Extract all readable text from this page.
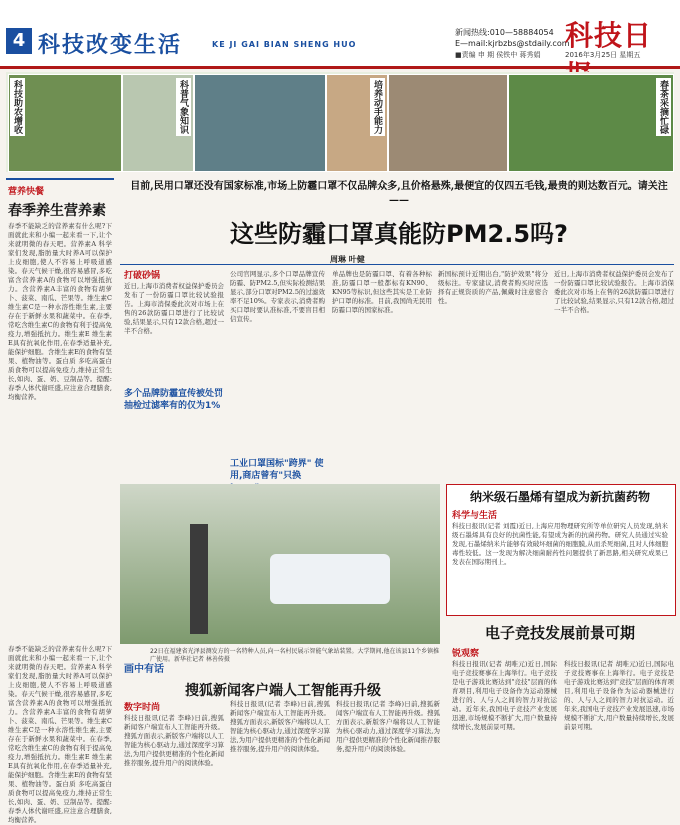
4 科技改变生活	KE JI GAI BIAN SHENG HUO
新闻热线:010—58884054
E—mail:kjrbzbs@stdaily.com
科技日
■责编 申 期 侯铁中 蒋秀娟	2016年3月25日 星期五
科技助农增收	科普气象知识	培养动手能力	春茶采摘忙碌
营养快餐
春季养生营养素
春季不能缺乏的营养素有什么呢?下面就此来和小编一起来看一下,让个来就明微的春天吧。营养素A 科学家们发现,脂肪量大时养A可以保护上皮细胞,使人不容易上呼吸道感染。春天气候干燥,很容易感冒,多吃富含营养素A的食物可以增强抵抗力。含营养素A丰富的食物有胡萝卜、菠菜、南瓜、芒果等。维生素C 维生素C是一种水溶性维生素,主要存在于新鲜水果和蔬菜中。在春季,常吃含维生素C的食物有利于提高免疫力,增强抵抗力。维生素E 维生素E具有抗氧化作用,在春季适量补充,能保护细胞。含维生素E的食物有坚果、植物油等。蛋白质 多吃高蛋白质食物可以提高免疫力,维持正常生长,如肉、蛋、奶、豆制品等。提醒:春季人体代谢旺盛,应注意合理膳食,均衡营养。
目前,民用口罩还没有国家标准,市场上防霾口罩不仅品牌众多,且价格悬殊,最便宜的仅四五毛钱,最贵的则达数百元。请关注——
这些防霾口罩真能防PM2.5吗?
周琳 叶健
打破砂锅
近日,上海市消费者权益保护委员会发布了一份防霾口罩比较试验报告。上海市消保委此次对市场上在售的26款防霾口罩进行了比较试验,结果显示,只有12款合格,超过一半不合格。
多个品牌防霾宣传被处罚 抽检过滤率有的仅为1%
公司官网显示,多个口罩品牌宣传防霾、防PM2.5,但实际检测结果显示,部分口罩对PM2.5的过滤效率不足10%。专家表示,消费者购买口罩时要认准标准,不要盲目相信宣传。
工业口罩国标"跨界" 使用,商店曾有"只换
单品牌也是防霾口罩、有着各种标准,防霾口罩一般都标有KN90、KN95等标识,但这些其实是工业防护口罩的标准。目前,我国尚无民用防霾口罩的国家标准。
新国标预计近期出台,"防护效果"将分级标注。专家建议,消费者购买时应选择有正规资质的产品,佩戴时注意密合性。
近日,上海市消费者权益保护委员会发布了一份防霾口罩比较试验报告。上海市消保委此次对市场上在售的26款防霾口罩进行了比较试验,结果显示,只有12款合格,超过一半不合格。
22日在福建省光泽县测发方的一名特种人员,向一名村民展示智能气象站装置。大学期间,他在该县11个乡镇推广使用。新华社记者 林善传摄
画中有话
纳米级石墨烯有望成为新抗菌药物
科学与生活
科技日报讯(记者 刘霞)近日,上海应用物理研究所等单位研究人员发现,纳米级石墨烯具有良好的抗菌性能,有望成为新的抗菌药物。研究人员通过实验发现,石墨烯纳米片能够有效破坏细菌的细胞膜,从而杀死细菌,且对人体细胞毒性较低。这一发现为解决细菌耐药性问题提供了新思路,相关研究成果已发表在国际期刊上。
电子竞技发展前景可期
锐观察
科技日报讯(记者 胡唯元)近日,国际电子竞技赛事在上海举行。电子竞技是电子游戏比赛达到"竞技"层面的体育项目,利用电子设备作为运动器械进行的、人与人之间的智力对抗运动。近年来,我国电子竞技产业发展迅速,市场规模不断扩大,用户数量持续增长,发展前景可期。
科技日报讯(记者 胡唯元)近日,国际电子竞技赛事在上海举行。电子竞技是电子游戏比赛达到"竞技"层面的体育项目,利用电子设备作为运动器械进行的、人与人之间的智力对抗运动。近年来,我国电子竞技产业发展迅速,市场规模不断扩大,用户数量持续增长,发展前景可期。
搜狐新闻客户端人工智能再升级
数字时尚
科技日报讯(记者 李峰)日前,搜狐新闻客户端宣布人工智能再升级。搜狐方面表示,新版客户端将以人工智能为核心驱动力,通过深度学习算法,为用户提供更精准的个性化新闻推荐服务,提升用户的阅读体验。
科技日报讯(记者 李峰)日前,搜狐新闻客户端宣布人工智能再升级。搜狐方面表示,新版客户端将以人工智能为核心驱动力,通过深度学习算法,为用户提供更精准的个性化新闻推荐服务,提升用户的阅读体验。
科技日报讯(记者 李峰)日前,搜狐新闻客户端宣布人工智能再升级。搜狐方面表示,新版客户端将以人工智能为核心驱动力,通过深度学习算法,为用户提供更精准的个性化新闻推荐服务,提升用户的阅读体验。
春季不能缺乏的营养素有什么呢?下面就此来和小编一起来看一下,让个来就明微的春天吧。营养素A 科学家们发现,脂肪量大时养A可以保护上皮细胞,使人不容易上呼吸道感染。春天气候干燥,很容易感冒,多吃富含营养素A的食物可以增强抵抗力。含营养素A丰富的食物有胡萝卜、菠菜、南瓜、芒果等。维生素C 维生素C是一种水溶性维生素,主要存在于新鲜水果和蔬菜中。在春季,常吃含维生素C的食物有利于提高免疫力,增强抵抗力。维生素E 维生素E具有抗氧化作用,在春季适量补充,能保护细胞。含维生素E的食物有坚果、植物油等。蛋白质 多吃高蛋白质食物可以提高免疫力,维持正常生长,如肉、蛋、奶、豆制品等。提醒:春季人体代谢旺盛,应注意合理膳食,均衡营养。
